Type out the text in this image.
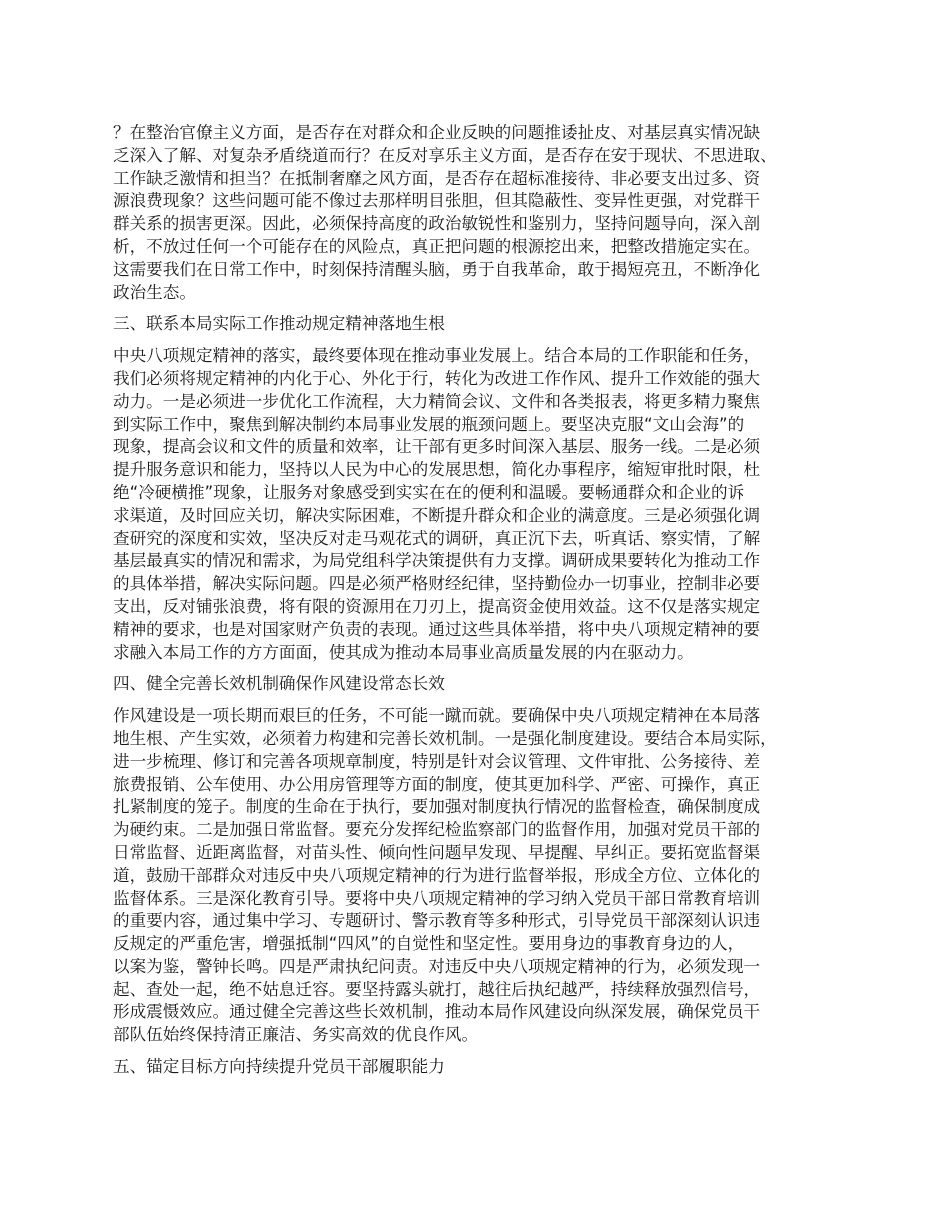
？在整治官僚主义方面，是否存在对群众和企业反映的问题推诿扯皮、对基层真实情况缺
乏深入了解、对复杂矛盾绕道而行？在反对享乐主义方面，是否存在安于现状、不思进取、
工作缺乏激情和担当？在抵制奢靡之风方面，是否存在超标准接待、非必要支出过多、资
源浪费现象？这些问题可能不像过去那样明目张胆，但其隐蔽性、变异性更强，对党群干
群关系的损害更深。因此，必须保持高度的政治敏锐性和鉴别力，坚持问题导向，深入剖
析，不放过任何一个可能存在的风险点，真正把问题的根源挖出来，把整改措施定实在。
这需要我们在日常工作中，时刻保持清醒头脑，勇于自我革命，敢于揭短亮丑，不断净化
政治生态。
三、联系本局实际工作推动规定精神落地生根
中央八项规定精神的落实，最终要体现在推动事业发展上。结合本局的工作职能和任务，
我们必须将规定精神的内化于心、外化于行，转化为改进工作作风、提升工作效能的强大
动力。一是必须进一步优化工作流程，大力精简会议、文件和各类报表，将更多精力聚焦
到实际工作中，聚焦到解决制约本局事业发展的瓶颈问题上。要坚决克服“文山会海”的
现象，提高会议和文件的质量和效率，让干部有更多时间深入基层、服务一线。二是必须
提升服务意识和能力，坚持以人民为中心的发展思想，简化办事程序，缩短审批时限，杜
绝“冷硬横推”现象，让服务对象感受到实实在在的便利和温暖。要畅通群众和企业的诉
求渠道，及时回应关切，解决实际困难，不断提升群众和企业的满意度。三是必须强化调
查研究的深度和实效，坚决反对走马观花式的调研，真正沉下去，听真话、察实情，了解
基层最真实的情况和需求，为局党组科学决策提供有力支撑。调研成果要转化为推动工作
的具体举措，解决实际问题。四是必须严格财经纪律，坚持勤俭办一切事业，控制非必要
支出，反对铺张浪费，将有限的资源用在刀刃上，提高资金使用效益。这不仅是落实规定
精神的要求，也是对国家财产负责的表现。通过这些具体举措，将中央八项规定精神的要
求融入本局工作的方方面面，使其成为推动本局事业高质量发展的内在驱动力。
四、健全完善长效机制确保作风建设常态长效
作风建设是一项长期而艰巨的任务，不可能一蹴而就。要确保中央八项规定精神在本局落
地生根、产生实效，必须着力构建和完善长效机制。一是强化制度建设。要结合本局实际，
进一步梳理、修订和完善各项规章制度，特别是针对会议管理、文件审批、公务接待、差
旅费报销、公车使用、办公用房管理等方面的制度，使其更加科学、严密、可操作，真正
扎紧制度的笼子。制度的生命在于执行，要加强对制度执行情况的监督检查，确保制度成
为硬约束。二是加强日常监督。要充分发挥纪检监察部门的监督作用，加强对党员干部的
日常监督、近距离监督，对苗头性、倾向性问题早发现、早提醒、早纠正。要拓宽监督渠
道，鼓励干部群众对违反中央八项规定精神的行为进行监督举报，形成全方位、立体化的
监督体系。三是深化教育引导。要将中央八项规定精神的学习纳入党员干部日常教育培训
的重要内容，通过集中学习、专题研讨、警示教育等多种形式，引导党员干部深刻认识违
反规定的严重危害，增强抵制“四风”的自觉性和坚定性。要用身边的事教育身边的人，
以案为鉴，警钟长鸣。四是严肃执纪问责。对违反中央八项规定精神的行为，必须发现一
起、查处一起，绝不姑息迁容。要坚持露头就打，越往后执纪越严，持续释放强烈信号，
形成震慑效应。通过健全完善这些长效机制，推动本局作风建设向纵深发展，确保党员干
部队伍始终保持清正廉洁、务实高效的优良作风。
五、锚定目标方向持续提升党员干部履职能力
